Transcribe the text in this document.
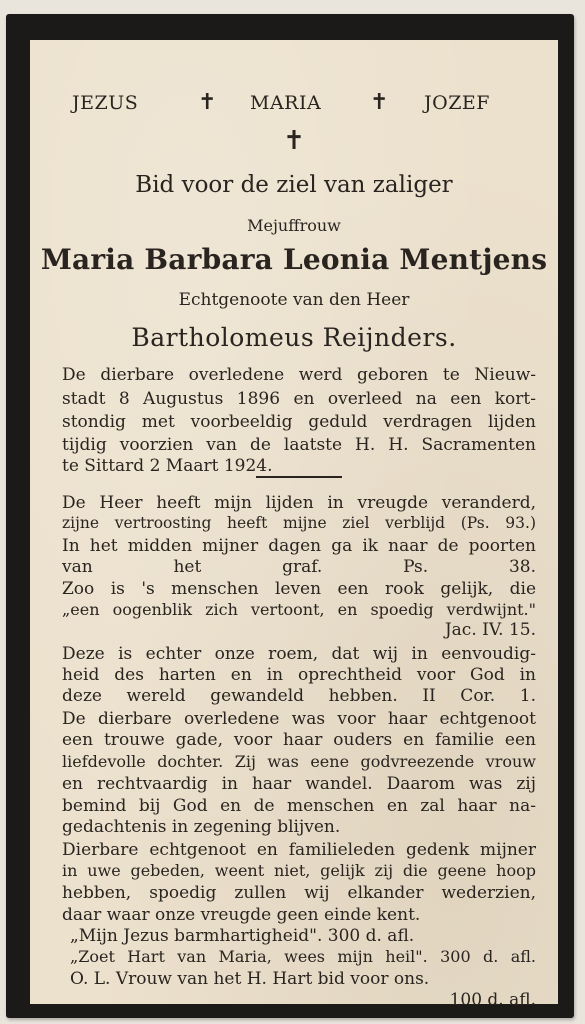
JEZUS	✝ MARIA ✝ JOZEF
✝
Bid voor de ziel van zaliger
Mejuffrouw
Maria Barbara Leonia Mentjens
Echtgenoote van den Heer
Bartholomeus Reijnders.
De dierbare overledene werd geboren te Nieuw-
stadt 8 Augustus 1896 en overleed na een kort-
stondig met voorbeeldig geduld verdragen lijden
tijdig voorzien van de laatste H. H. Sacramenten
te Sittard 2 Maart 1924.
De Heer heeft mijn lijden in vreugde veranderd,
zijne vertroosting heeft mijne ziel verblijd (Ps. 93.)
In het midden mijner dagen ga ik naar de poorten
van het graf. Ps. 38.
Zoo is 's menschen leven een rook gelijk, die
„een oogenblik zich vertoont, en spoedig verdwijnt."
Jac. IV. 15.
Deze is echter onze roem, dat wij in eenvoudig-
heid des harten en in oprechtheid voor God in
deze wereld gewandeld hebben. II Cor. 1.
De dierbare overledene was voor haar echtgenoot
een trouwe gade, voor haar ouders en familie een
liefdevolle dochter. Zij was eene godvreezende vrouw
en rechtvaardig in haar wandel. Daarom was zij
bemind bij God en de menschen en zal haar na-
gedachtenis in zegening blijven.
Dierbare echtgenoot en familieleden gedenk mijner
in uwe gebeden, weent niet, gelijk zij die geene hoop
hebben, spoedig zullen wij elkander wederzien,
daar waar onze vreugde geen einde kent.
„Mijn Jezus barmhartigheid". 300 d. afl.
„Zoet Hart van Maria, wees mijn heil". 300 d. afl.
O. L. Vrouw van het H. Hart bid voor ons.
100 d. afl.
